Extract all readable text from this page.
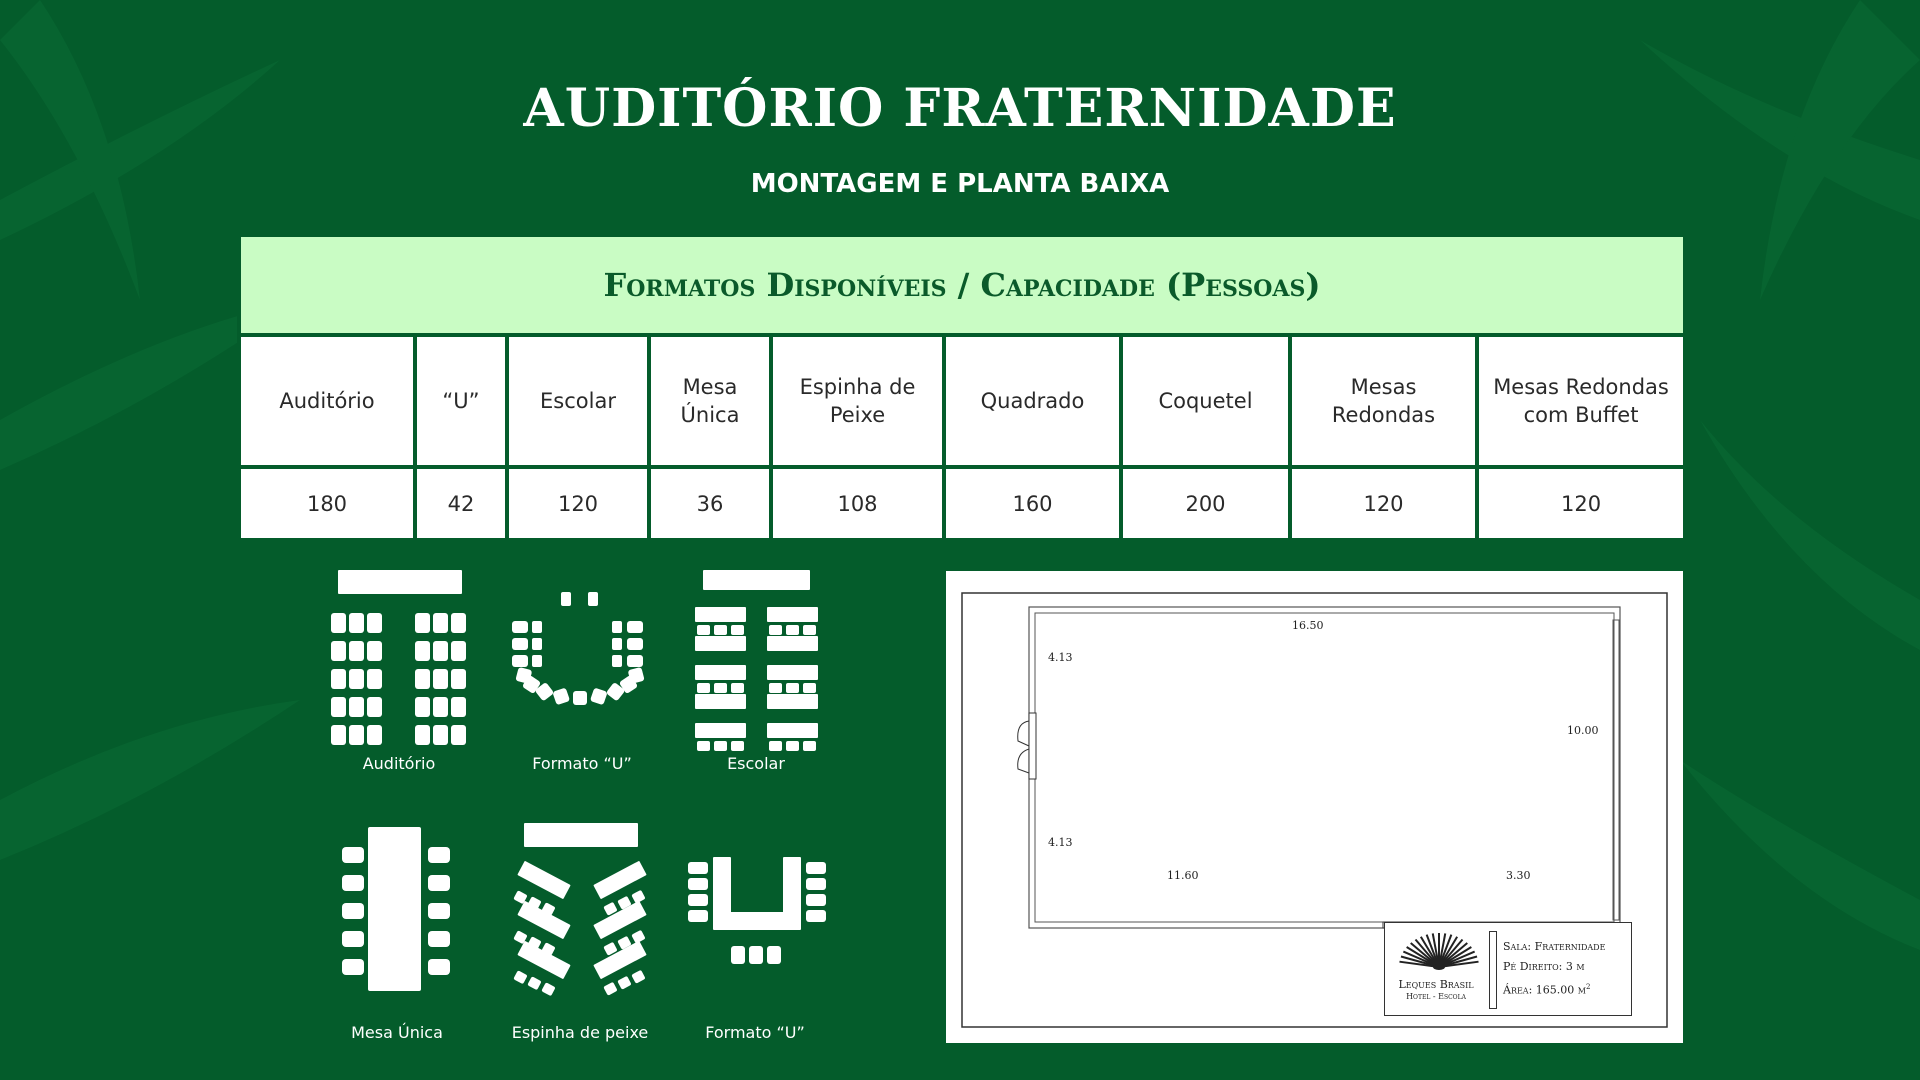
AUDITÓRIO FRATERNIDADE
MONTAGEM E PLANTA BAIXA
Formatos Disponíveis / Capacidade (Pessoas)								
Auditório	“U”	Escolar	Mesa Única	Espinha de Peixe	Quadrado	Coquetel	Mesas Redondas	Mesas Redondas com Buffet
180	42	120	36	108	160	200	120	120
Auditório	Formato “U”	Escolar
Mesa Única	Espinha de peixe	Formato “U”
16.50
4.13
10.00
4.13
11.60	3.30
Leques Brasil
Hotel - Escola
Sala: Fraternidade
Pé Direito: 3 m
Área: 165.00 $m^2$
